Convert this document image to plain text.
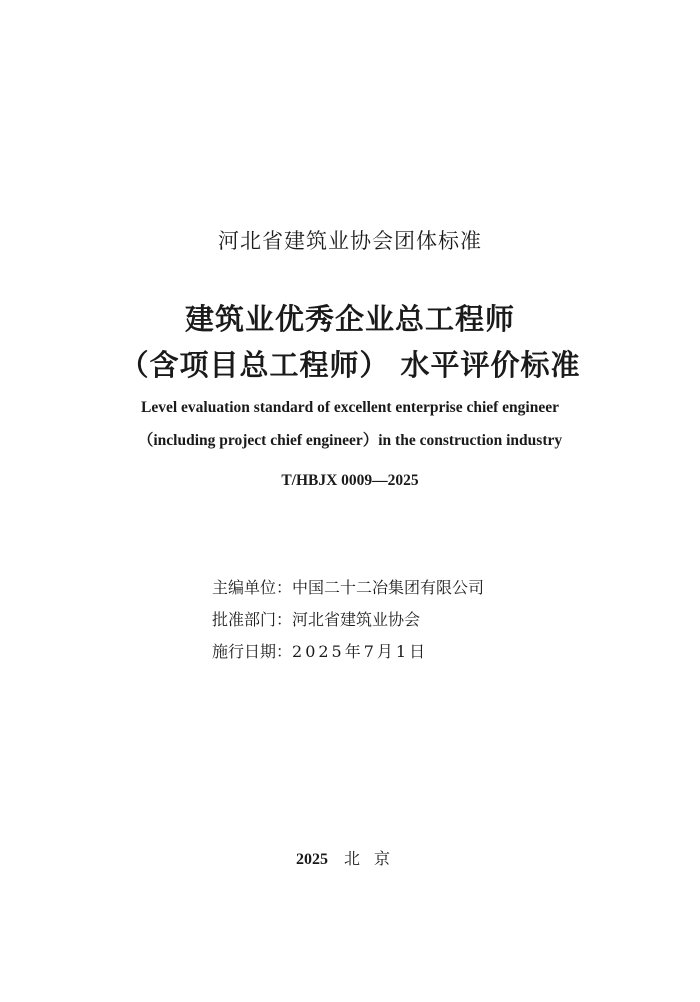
河北省建筑业协会团体标准
建筑业优秀企业总工程师
（含项目总工程师） 水平评价标准
Level evaluation standard of excellent enterprise chief engineer
（including project chief engineer）in the construction industry
T/HBJX 0009—2025
主编单位：中国二十二冶集团有限公司
批准部门：河北省建筑业协会
施行日期：2025年7月1日
2025 北京
